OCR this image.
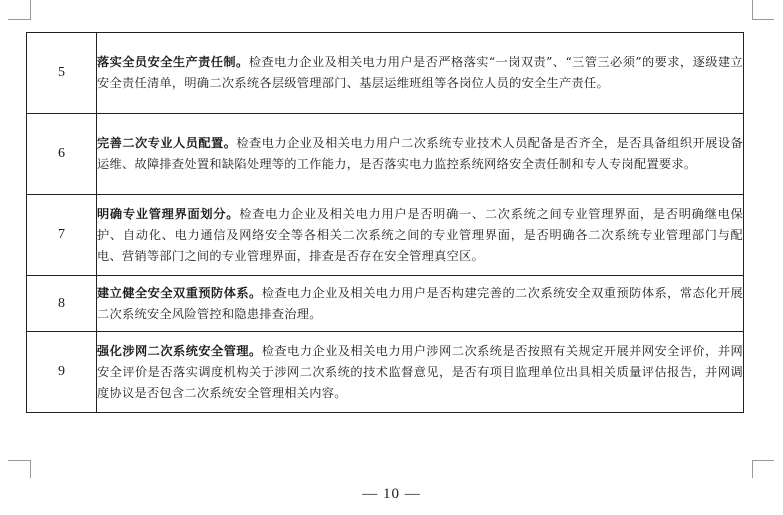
5	落实全员安全生产责任制。检查电力企业及相关电力用户是否严格落实“一岗双责”、“三管三必须”的要求，逐级建立安全责任清单，明确二次系统各层级管理部门、基层运维班组等各岗位人员的安全生产责任。
6	完善二次专业人员配置。检查电力企业及相关电力用户二次系统专业技术人员配备是否齐全，是否具备组织开展设备运维、故障排查处置和缺陷处理等的工作能力，是否落实电力监控系统网络安全责任制和专人专岗配置要求。
7	明确专业管理界面划分。检查电力企业及相关电力用户是否明确一、二次系统之间专业管理界面，是否明确继电保护、自动化、电力通信及网络安全等各相关二次系统之间的专业管理界面，是否明确各二次系统专业管理部门与配电、营销等部门之间的专业管理界面，排查是否存在安全管理真空区。
8	建立健全安全双重预防体系。检查电力企业及相关电力用户是否构建完善的二次系统安全双重预防体系，常态化开展二次系统安全风险管控和隐患排查治理。
9	强化涉网二次系统安全管理。检查电力企业及相关电力用户涉网二次系统是否按照有关规定开展并网安全评价，并网安全评价是否落实调度机构关于涉网二次系统的技术监督意见，是否有项目监理单位出具相关质量评估报告，并网调度协议是否包含二次系统安全管理相关内容。
— 10 —
